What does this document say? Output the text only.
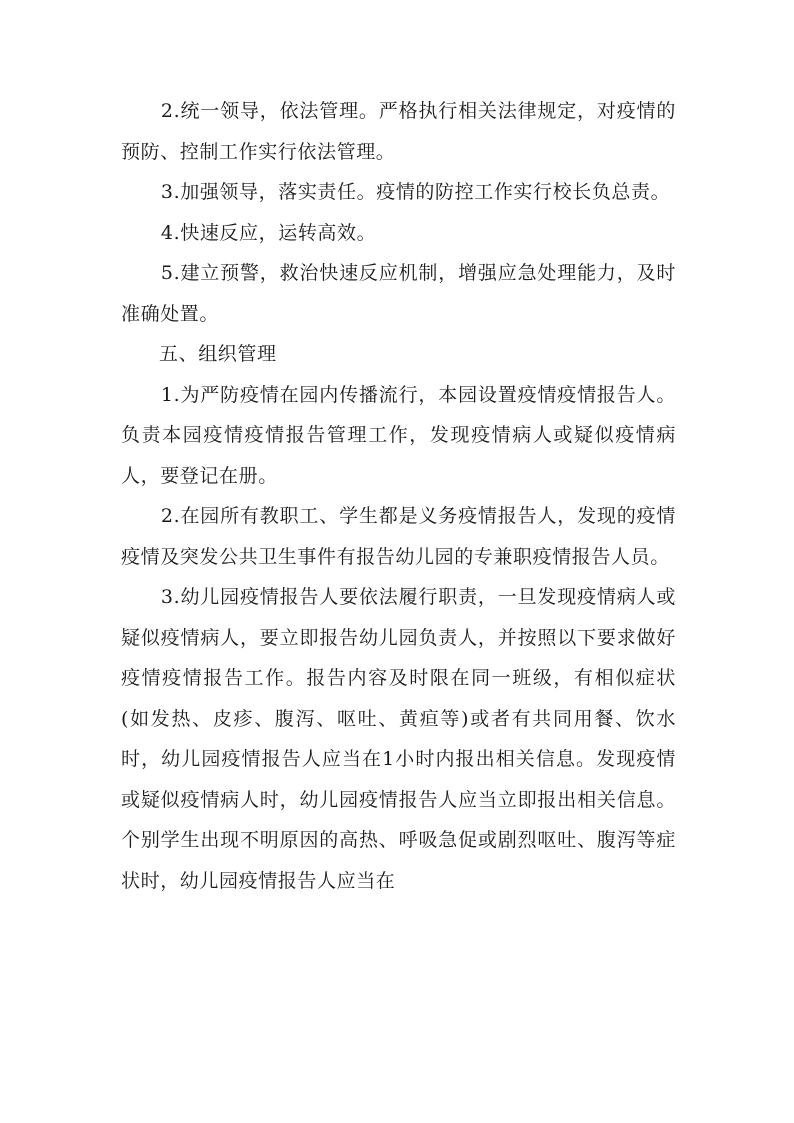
2.统一领导，依法管理。严格执行相关法律规定，对疫情的预防、控制工作实行依法管理。

3.加强领导，落实责任。疫情的防控工作实行校长负总责。

4.快速反应，运转高效。

5.建立预警，救治快速反应机制，增强应急处理能力，及时准确处置。

五、组织管理

1.为严防疫情在园内传播流行，本园设置疫情疫情报告人。负责本园疫情疫情报告管理工作，发现疫情病人或疑似疫情病人，要登记在册。

2.在园所有教职工、学生都是义务疫情报告人，发现的疫情疫情及突发公共卫生事件有报告幼儿园的专兼职疫情报告人员。

3.幼儿园疫情报告人要依法履行职责，一旦发现疫情病人或疑似疫情病人，要立即报告幼儿园负责人，并按照以下要求做好疫情疫情报告工作。报告内容及时限在同一班级，有相似症状(如发热、皮疹、腹泻、呕吐、黄疸等)或者有共同用餐、饮水时，幼儿园疫情报告人应当在1小时内报出相关信息。发现疫情或疑似疫情病人时，幼儿园疫情报告人应当立即报出相关信息。个别学生出现不明原因的高热、呼吸急促或剧烈呕吐、腹泻等症状时，幼儿园疫情报告人应当在
